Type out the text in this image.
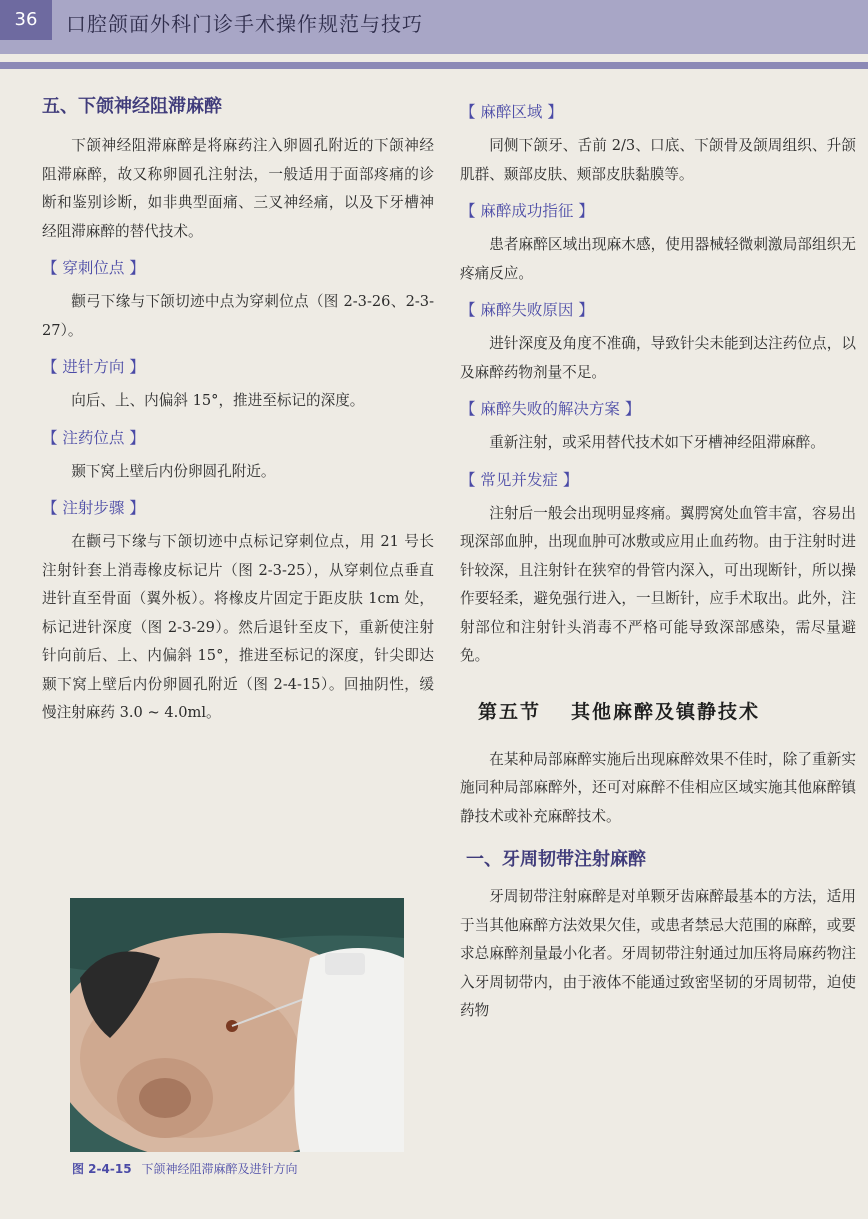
36	口腔颌面外科门诊手术操作规范与技巧
五、下颌神经阻滞麻醉

下颌神经阻滞麻醉是将麻药注入卵圆孔附近的下颌神经阻滞麻醉，故又称卵圆孔注射法，一般适用于面部疼痛的诊断和鉴别诊断，如非典型面痛、三叉神经痛，以及下牙槽神经阻滞麻醉的替代技术。

【 穿刺位点 】

颧弓下缘与下颌切迹中点为穿刺位点（图 2-3-26、2-3-27）。

【 进针方向 】

向后、上、内偏斜 15°，推进至标记的深度。

【 注药位点 】

颞下窝上壁后内份卵圆孔附近。

【 注射步骤 】

在颧弓下缘与下颌切迹中点标记穿刺位点，用 21 号长注射针套上消毒橡皮标记片（图 2-3-25），从穿刺位点垂直进针直至骨面（翼外板）。将橡皮片固定于距皮肤 1cm 处，标记进针深度（图 2-3-29）。然后退针至皮下，重新使注射针向前后、上、内偏斜 15°，推进至标记的深度，针尖即达颞下窝上壁后内份卵圆孔附近（图 2-4-15）。回抽阴性，缓慢注射麻药 3.0 ~ 4.0ml。

图 2-4-15 下颌神经阻滞麻醉及进针方向
【 麻醉区域 】

同侧下颌牙、舌前 2/3、口底、下颌骨及颌周组织、升颌肌群、颞部皮肤、颊部皮肤黏膜等。

【 麻醉成功指征 】

患者麻醉区域出现麻木感，使用器械轻微刺激局部组织无疼痛反应。

【 麻醉失败原因 】

进针深度及角度不准确，导致针尖未能到达注药位点，以及麻醉药物剂量不足。

【 麻醉失败的解决方案 】

重新注射，或采用替代技术如下牙槽神经阻滞麻醉。

【 常见并发症 】

注射后一般会出现明显疼痛。翼腭窝处血管丰富，容易出现深部血肿，出现血肿可冰敷或应用止血药物。由于注射时进针较深，且注射针在狭窄的骨管内深入，可出现断针，所以操作要轻柔，避免强行进入，一旦断针，应手术取出。此外，注射部位和注射针头消毒不严格可能导致深部感染，需尽量避免。

第五节 其他麻醉及镇静技术

在某种局部麻醉实施后出现麻醉效果不佳时，除了重新实施同种局部麻醉外，还可对麻醉不佳相应区域实施其他麻醉镇静技术或补充麻醉技术。

一、牙周韧带注射麻醉

牙周韧带注射麻醉是对单颗牙齿麻醉最基本的方法，适用于当其他麻醉方法效果欠佳，或患者禁忌大范围的麻醉，或要求总麻醉剂量最小化者。牙周韧带注射通过加压将局麻药物注入牙周韧带内，由于液体不能通过致密坚韧的牙周韧带，迫使药物
